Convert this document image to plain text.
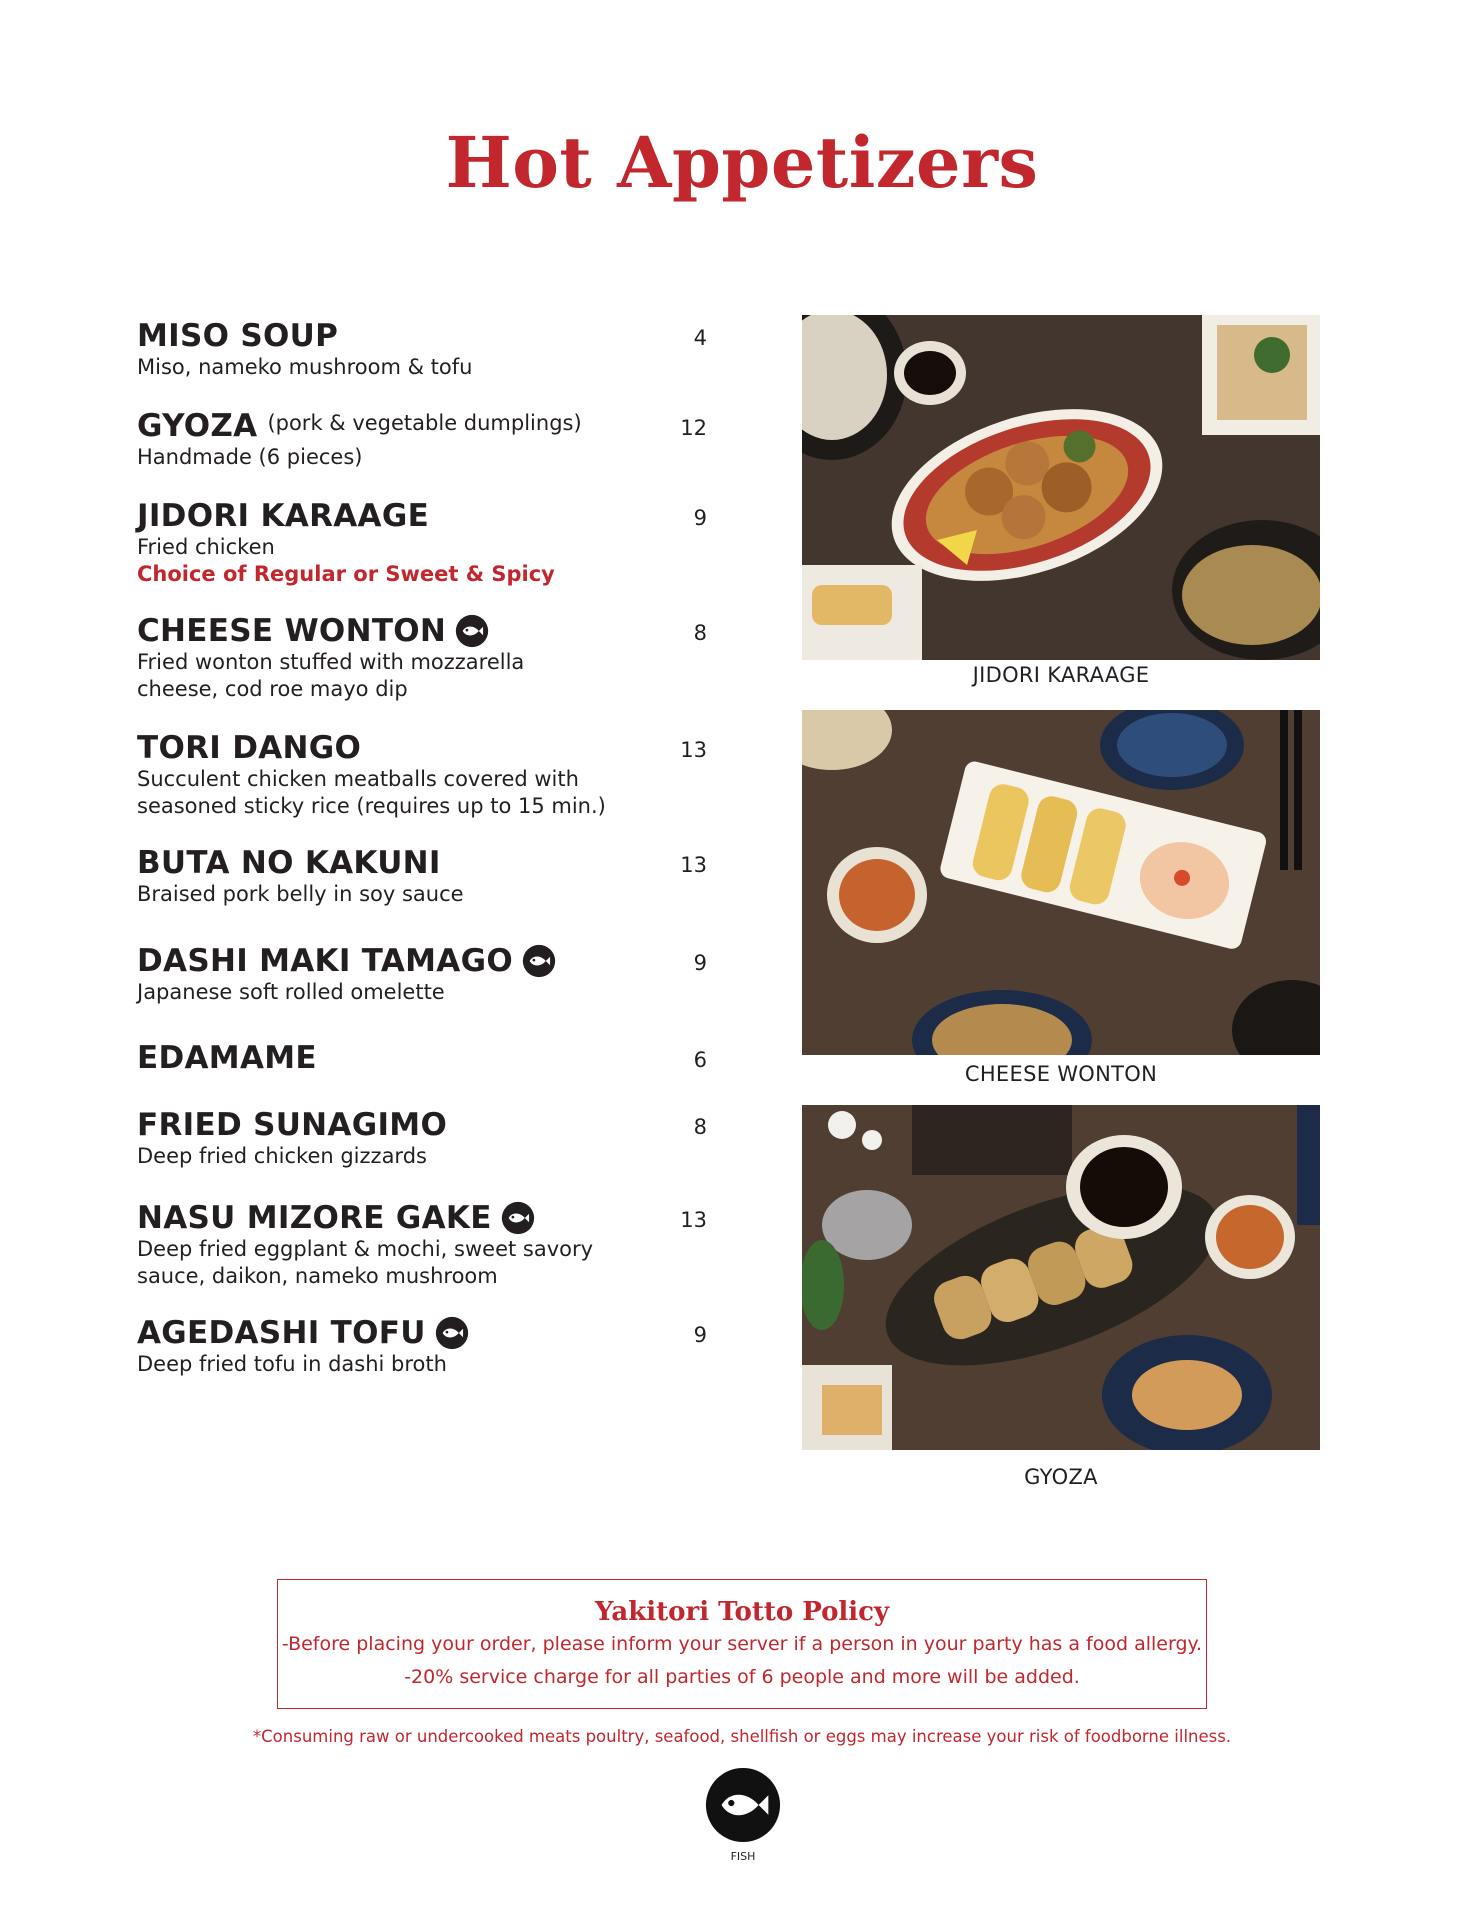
Hot Appetizers
MISO SOUP
Miso, nameko mushroom & tofu
4
GYOZA (pork & vegetable dumplings)
Handmade (6 pieces)
12
JIDORI KARAAGE
Fried chicken
Choice of Regular or Sweet & Spicy
9
CHEESE WONTON
Fried wonton stuffed with mozzarella
cheese, cod roe mayo dip
8
TORI DANGO
Succulent chicken meatballs covered with
seasoned sticky rice (requires up to 15 min.)
13
BUTA NO KAKUNI
Braised pork belly in soy sauce
13
DASHI MAKI TAMAGO
Japanese soft rolled omelette
9
EDAMAME	6
FRIED SUNAGIMO
Deep fried chicken gizzards
8
NASU MIZORE GAKE
Deep fried eggplant & mochi, sweet savory
sauce, daikon, nameko mushroom
13
AGEDASHI TOFU
Deep fried tofu in dashi broth
9
JIDORI KARAAGE
CHEESE WONTON
GYOZA
Yakitori Totto Policy
-Before placing your order, please inform your server if a person in your party has a food allergy.
-20% service charge for all parties of 6 people and more will be added.
*Consuming raw or undercooked meats poultry, seafood, shellfish or eggs may increase your risk of foodborne illness.
FISH
